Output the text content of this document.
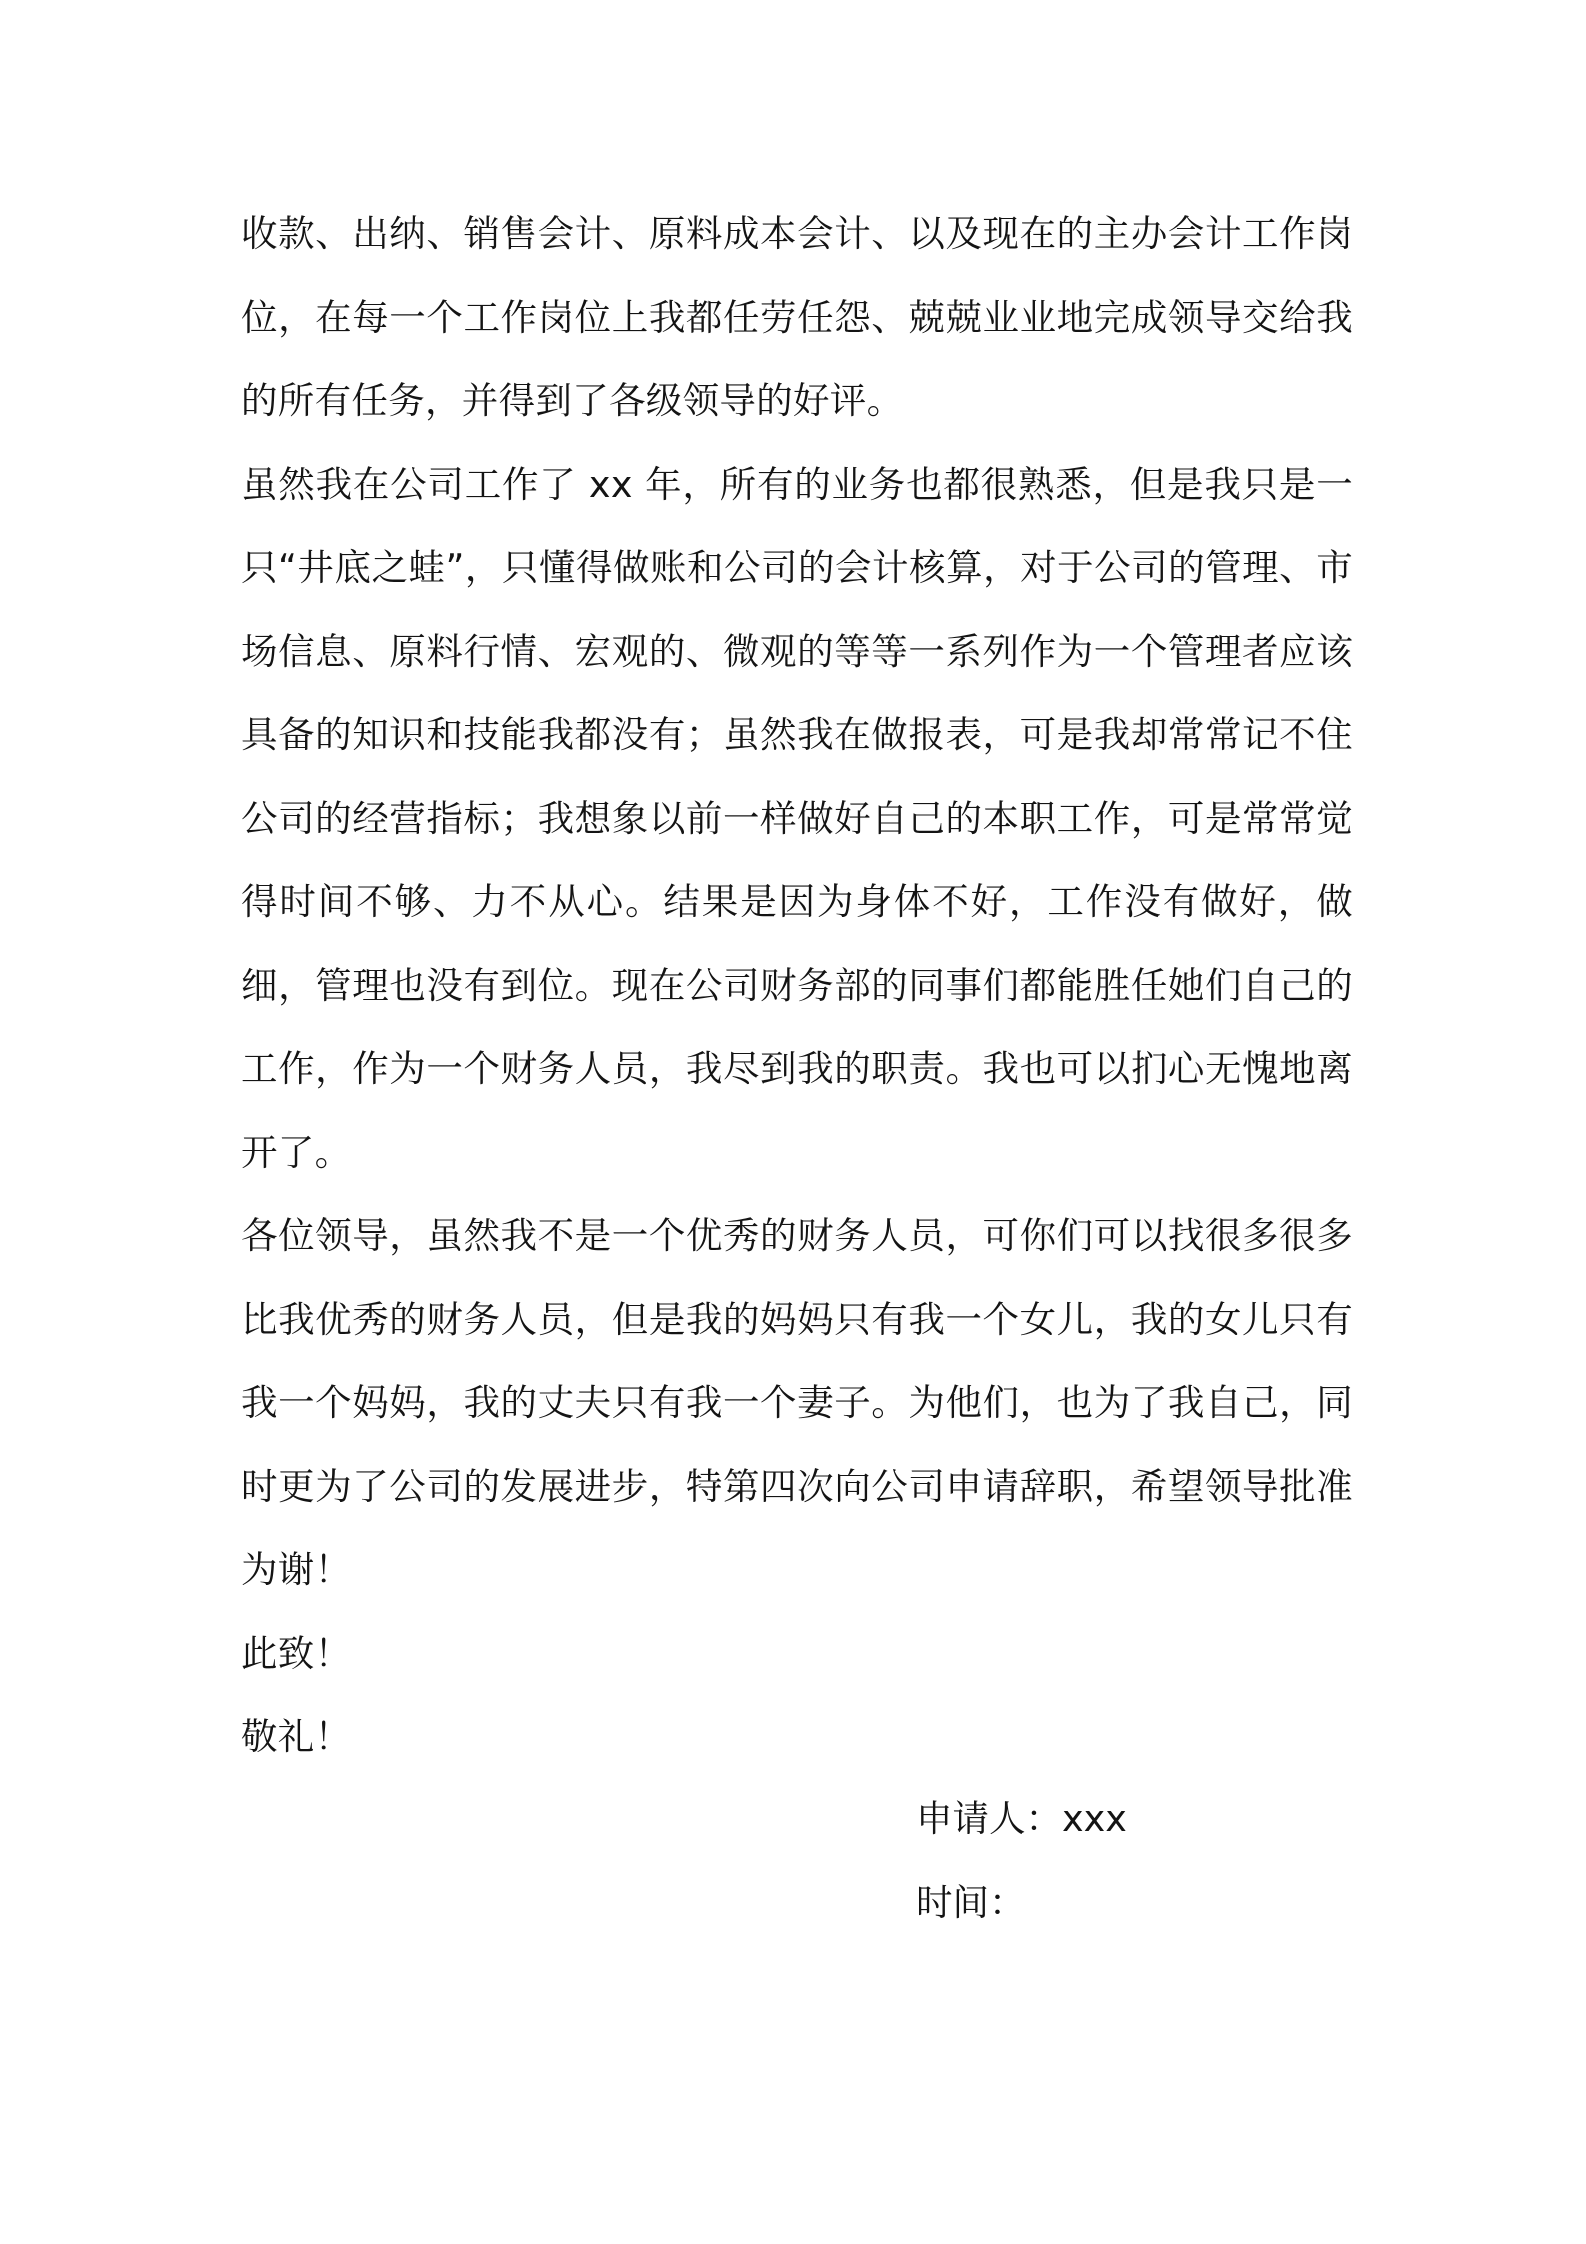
收款、出纳、销售会计、原料成本会计、以及现在的主办会计工作岗位，在每一个工作岗位上我都任劳任怨、兢兢业业地完成领导交给我的所有任务，并得到了各级领导的好评。

虽然我在公司工作了 xx 年，所有的业务也都很熟悉，但是我只是一只“井底之蛙”，只懂得做账和公司的会计核算，对于公司的管理、市场信息、原料行情、宏观的、微观的等等一系列作为一个管理者应该具备的知识和技能我都没有；虽然我在做报表，可是我却常常记不住公司的经营指标；我想象以前一样做好自己的本职工作，可是常常觉得时间不够、力不从心。结果是因为身体不好，工作没有做好，做细，管理也没有到位。现在公司财务部的同事们都能胜任她们自己的工作，作为一个财务人员，我尽到我的职责。我也可以扪心无愧地离开了。

各位领导，虽然我不是一个优秀的财务人员，可你们可以找很多很多比我优秀的财务人员，但是我的妈妈只有我一个女儿，我的女儿只有我一个妈妈，我的丈夫只有我一个妻子。为他们，也为了我自己，同时更为了公司的发展进步，特第四次向公司申请辞职，希望领导批准为谢！

此致！

敬礼！

申请人：xxx
时间：
